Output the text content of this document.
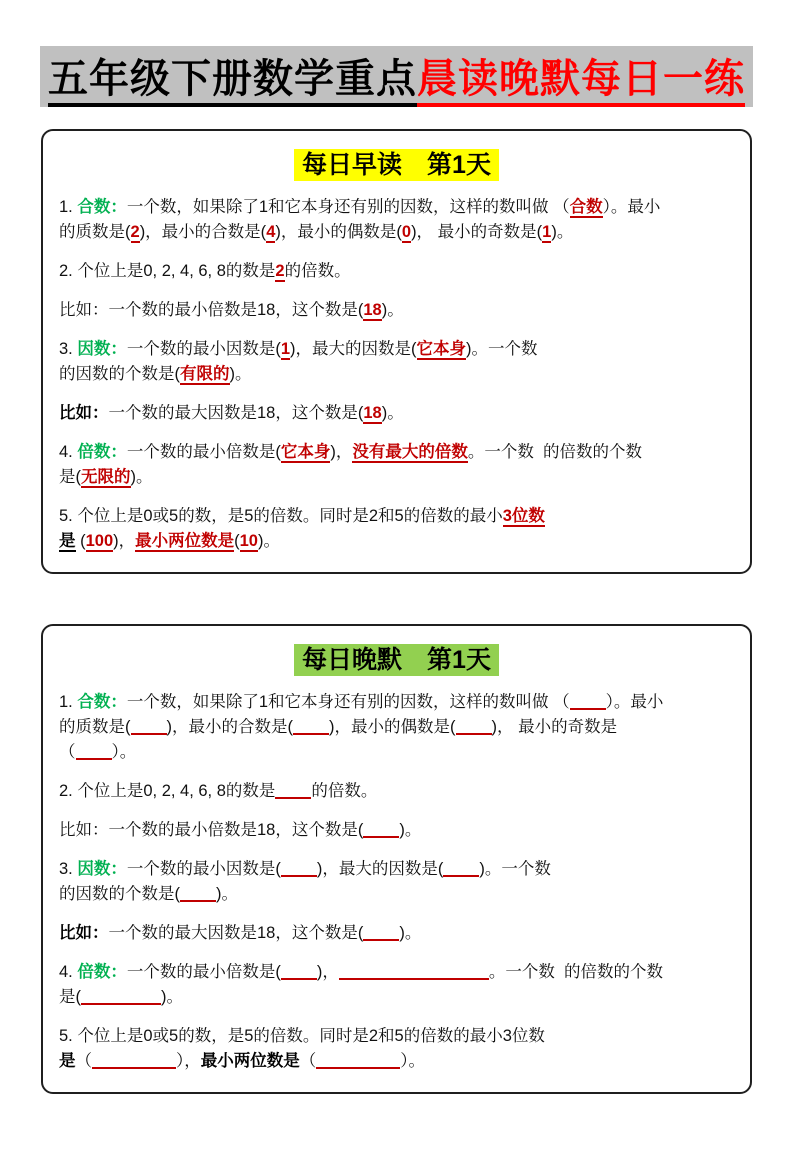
五年级下册数学重点晨读晚默每日一练
每日早读　第1天

1. 合数：一个数，如果除了1和它本身还有别的因数，这样的数叫做 （合数）。最小
的质数是(2)，最小的合数是(4)，最小的偶数是(0)， 最小的奇数是(1)。

2. 个位上是0, 2, 4, 6, 8的数是2的倍数。

比如：一个数的最小倍数是18，这个数是(18)。

3. 因数：一个数的最小因数是(1)，最大的因数是(它本身)。一个数
的因数的个数是(有限的)。

比如：一个数的最大因数是18，这个数是(18)。

4. 倍数：一个数的最小倍数是(它本身)，没有最大的倍数。一个数  的倍数的个数
是(无限的)。

5. 个位上是0或5的数，是5的倍数。同时是2和5的倍数的最小3位数
是 (100)，最小两位数是(10)。

每日晚默　第1天

1. 合数：一个数，如果除了1和它本身还有别的因数，这样的数叫做 （ ）。最小
的质数是( )，最小的合数是( )，最小的偶数是( )， 最小的奇数是
（ ）。

2. 个位上是0, 2, 4, 6, 8的数是 的倍数。

比如：一个数的最小倍数是18，这个数是( )。

3. 因数：一个数的最小因数是( )，最大的因数是( )。一个数
的因数的个数是( )。

比如：一个数的最大因数是18，这个数是( )。

4. 倍数：一个数的最小倍数是( )，	。一个数  的倍数的个数
是(	)。

5. 个位上是0或5的数，是5的倍数。同时是2和5的倍数的最小3位数
是（	），最小两位数是（	）。
